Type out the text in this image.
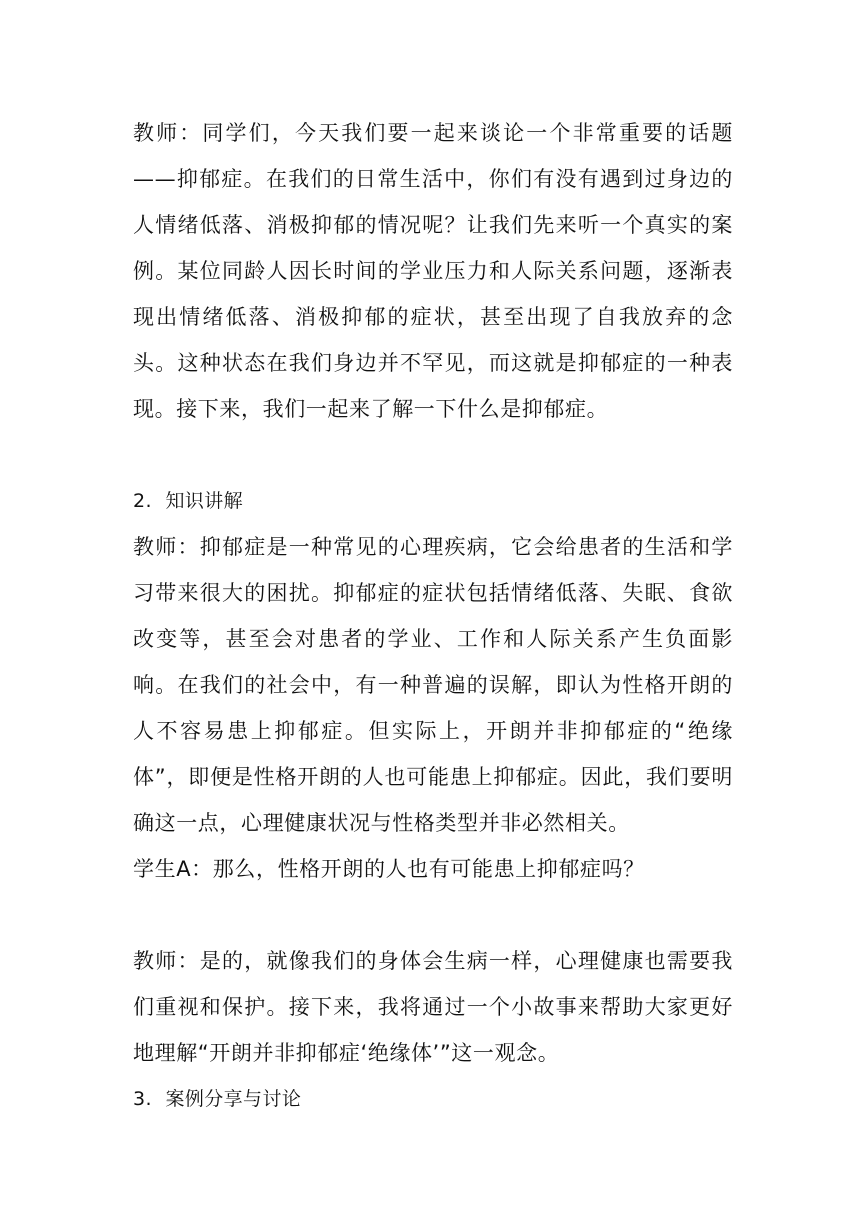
教师：同学们，今天我们要一起来谈论一个非常重要的话题——抑郁症。在我们的日常生活中，你们有没有遇到过身边的人情绪低落、消极抑郁的情况呢？让我们先来听一个真实的案例。某位同龄人因长时间的学业压力和人际关系问题，逐渐表现出情绪低落、消极抑郁的症状，甚至出现了自我放弃的念头。这种状态在我们身边并不罕见，而这就是抑郁症的一种表现。接下来，我们一起来了解一下什么是抑郁症。

2. 知识讲解

教师：抑郁症是一种常见的心理疾病，它会给患者的生活和学习带来很大的困扰。抑郁症的症状包括情绪低落、失眠、食欲改变等，甚至会对患者的学业、工作和人际关系产生负面影响。在我们的社会中，有一种普遍的误解，即认为性格开朗的人不容易患上抑郁症。但实际上，开朗并非抑郁症的“绝缘体”，即便是性格开朗的人也可能患上抑郁症。因此，我们要明确这一点，心理健康状况与性格类型并非必然相关。

学生A：那么，性格开朗的人也有可能患上抑郁症吗？

教师：是的，就像我们的身体会生病一样，心理健康也需要我们重视和保护。接下来，我将通过一个小故事来帮助大家更好地理解“开朗并非抑郁症‘绝缘体’”这一观念。

3. 案例分享与讨论
